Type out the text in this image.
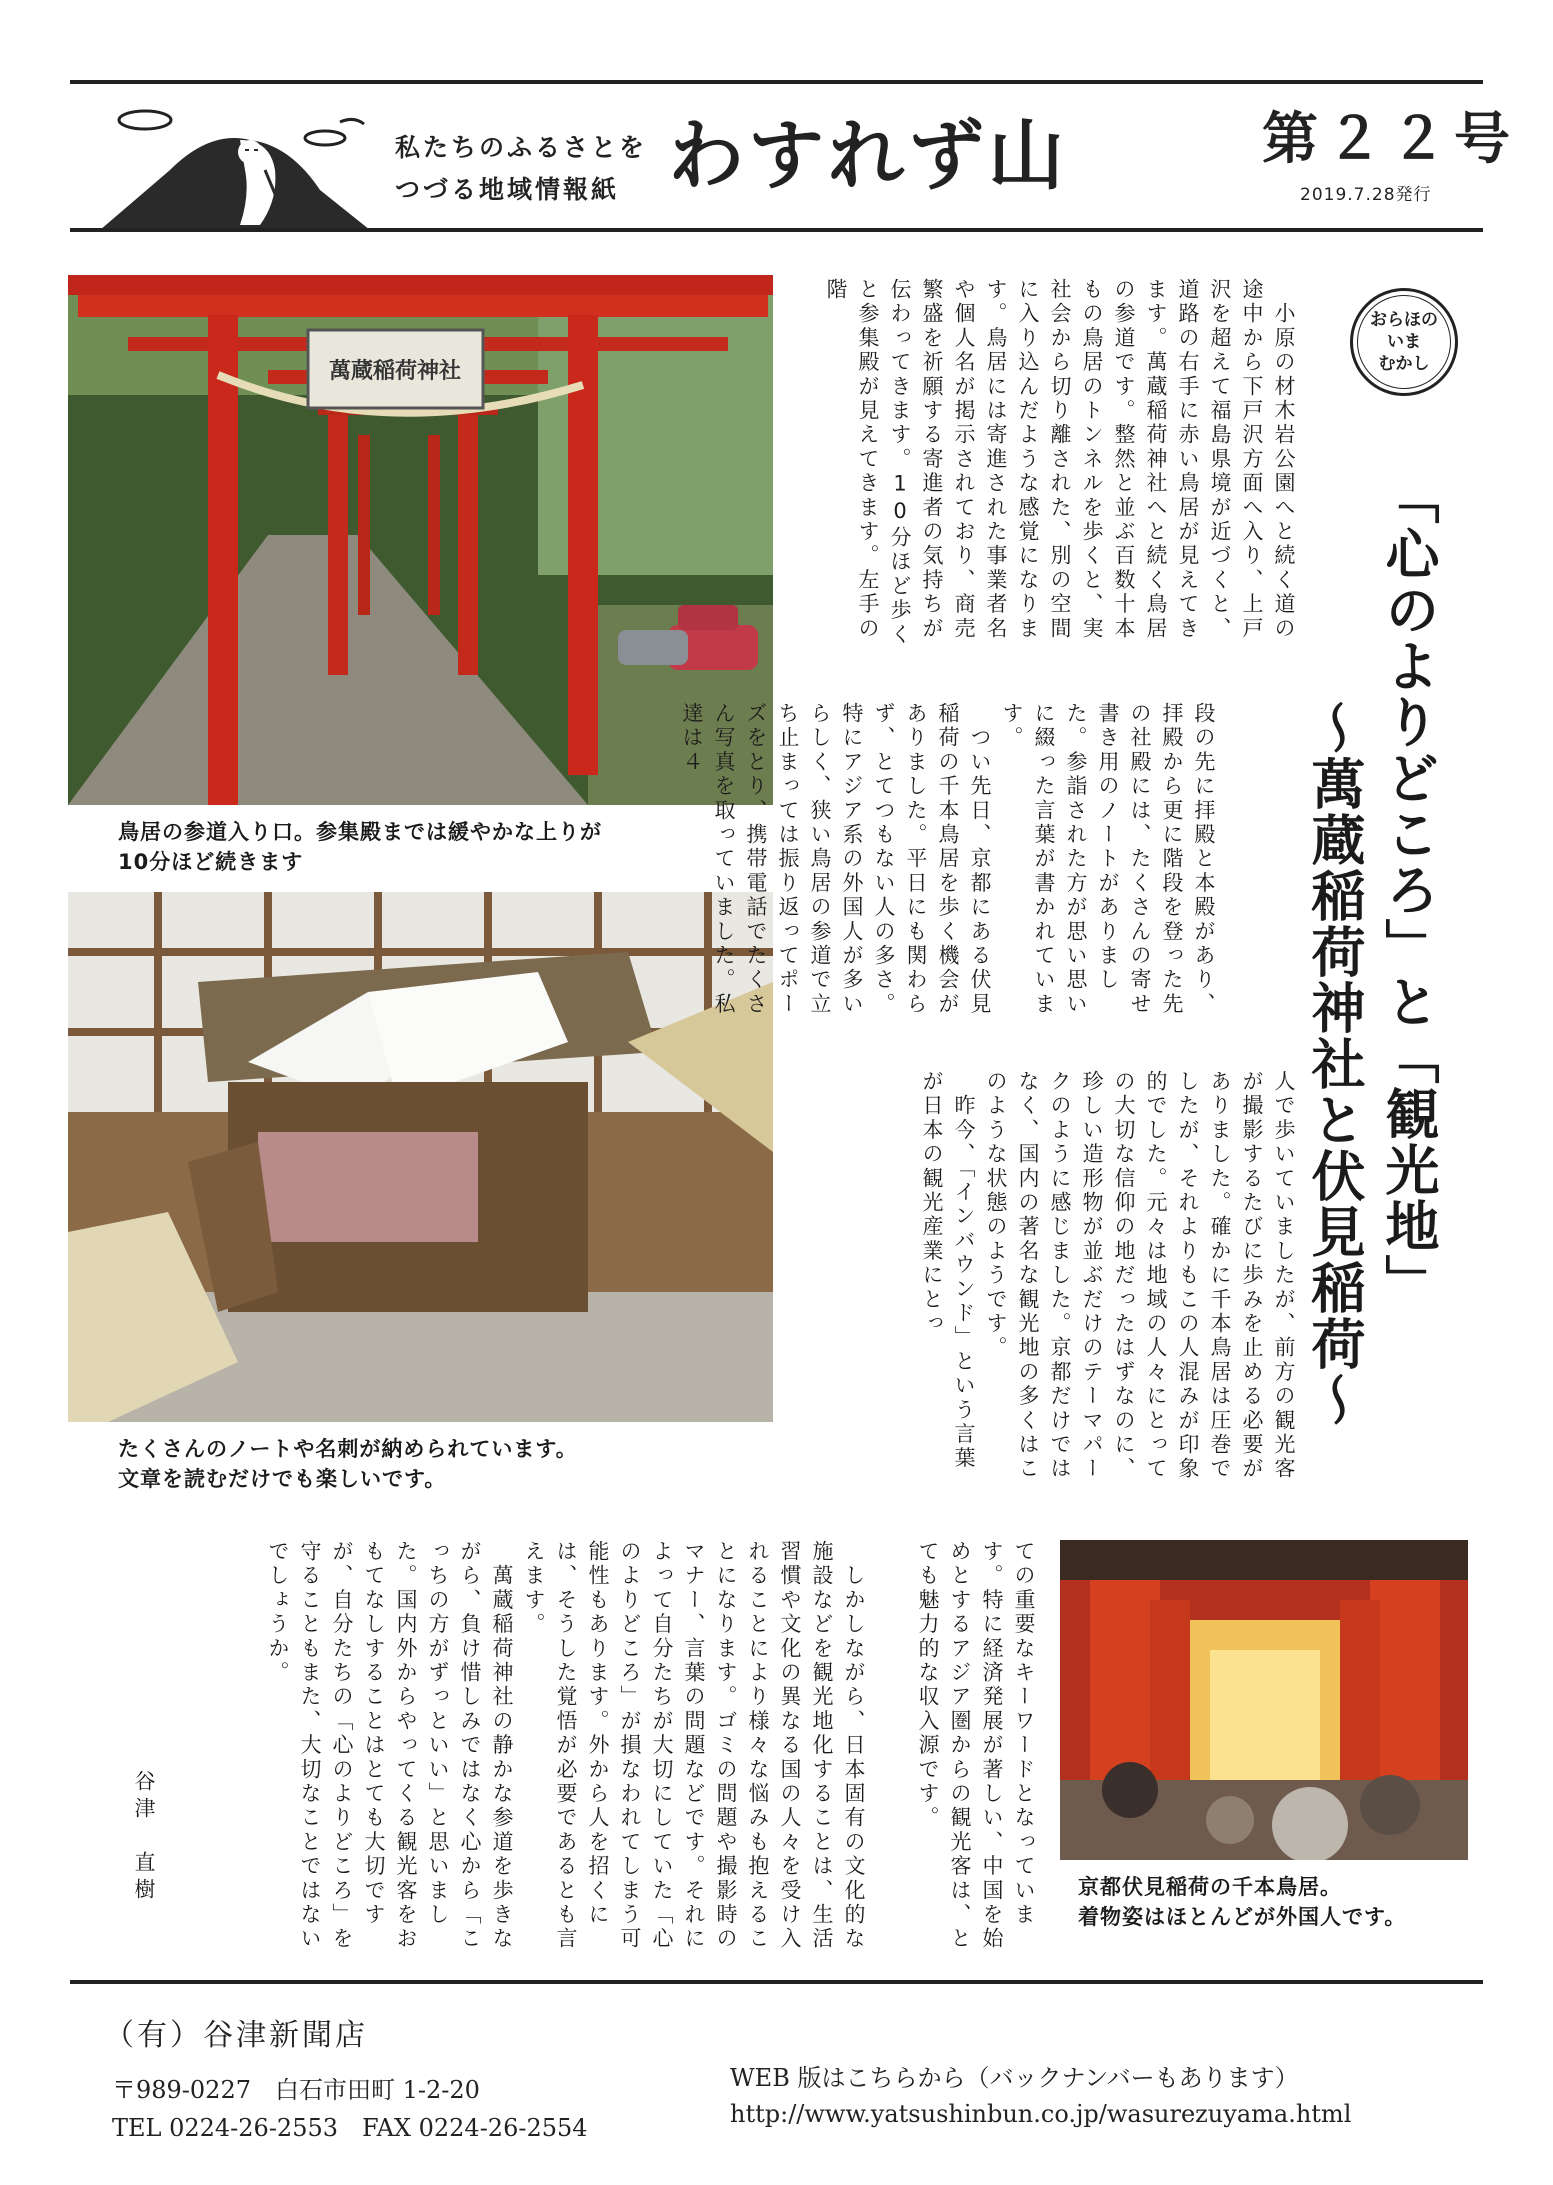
私たちのふるさとを
つづる地域情報紙 わすれず山	第２２号
2019.7.28発行
萬蔵稲荷神社
鳥居の参道入り口。参集殿までは緩やかな上りが
10分ほど続きます
たくさんのノートや名刺が納められています。
文章を読むだけでも楽しいです。
京都伏見稲荷の千本鳥居。
着物姿はほとんどが外国人です。
おらほの
いま
むかし
「心のよりどころ」と「観光地」
～萬蔵稲荷神社と伏見稲荷～
　小原の材木岩公園へと続く道の途中から下戸沢方面へ入り、上戸沢を超えて福島県境が近づくと、道路の右手に赤い鳥居が見えてきます。萬蔵稲荷神社へと続く鳥居の参道です。整然と並ぶ百数十本もの鳥居のトンネルを歩くと、実社会から切り離された、別の空間に入り込んだような感覚になります。鳥居には寄進された事業者名や個人名が掲示されており、商売繁盛を祈願する寄進者の気持ちが伝わってきます。10分ほど歩くと参集殿が見えてきます。左手の階
段の先に拝殿と本殿があり、拝殿から更に階段を登った先の社殿には、たくさんの寄せ書き用のノートがありました。参詣された方が思い思いに綴った言葉が書かれています。
　つい先日、京都にある伏見稲荷の千本鳥居を歩く機会がありました。平日にも関わらず、とてつもない人の多さ。特にアジア系の外国人が多いらしく、狭い鳥居の参道で立ち止まっては振り返ってポーズをとり、携帯電話でたくさん写真を取っていました。私達は４
人で歩いていましたが、前方の観光客が撮影するたびに歩みを止める必要がありました。確かに千本鳥居は圧巻でしたが、それよりもこの人混みが印象的でした。元々は地域の人々にとっての大切な信仰の地だったはずなのに、珍しい造形物が並ぶだけのテーマパークのように感じました。京都だけではなく、国内の著名な観光地の多くはこのような状態のようです。
　昨今、「インバウンド」という言葉が日本の観光産業にとっ
ての重要なキーワードとなっています。特に経済発展が著しい、中国を始めとするアジア圏からの観光客は、とても魅力的な収入源です。
　しかしながら、日本固有の文化的な施設などを観光地化することは、生活習慣や文化の異なる国の人々を受け入れることにより様々な悩みも抱えることになります。ゴミの問題や撮影時のマナー、言葉の問題などです。それによって自分たちが大切にしていた「心のよりどころ」が損なわれてしまう可能性もあります。外から人を招くには、そうした覚悟が必要であるとも言えます。
　萬蔵稲荷神社の静かな参道を歩きながら、負け惜しみではなく心から「こっちの方がずっといい」と思いました。国内外からやってくる観光客をおもてなしすることはとても大切ですが、自分たちの「心のよりどころ」を守ることもまた、大切なことではないでしょうか。
谷津　直樹
（有）谷津新聞店
〒989-0227　白石市田町 1-2-20
TEL 0224-26-2553　FAX 0224-26-2554
WEB 版はこちらから（バックナンバーもあります）
http://www.yatsushinbun.co.jp/wasurezuyama.html
